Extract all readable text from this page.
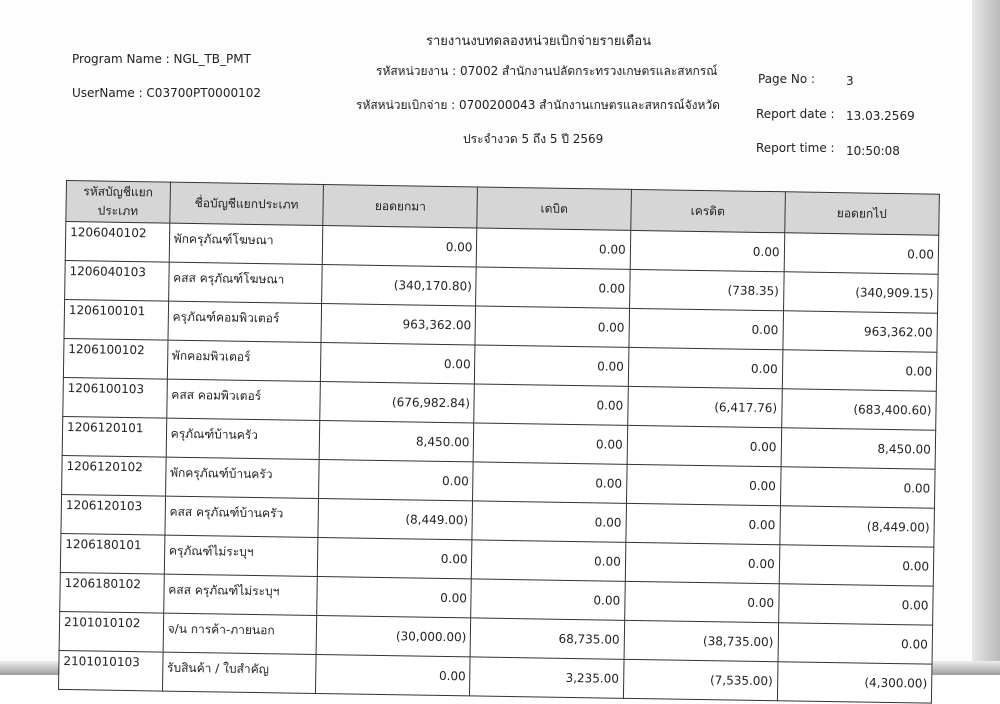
รายงานงบทดลองหน่วยเบิกจ่ายรายเดือน
รหัสหน่วยงาน : 07002 สำนักงานปลัดกระทรวงเกษตรและสหกรณ์
รหัสหน่วยเบิกจ่าย : 0700200043 สำนักงานเกษตรและสหกรณ์จังหวัด
ประจำงวด 5 ถึง 5 ปี 2569
Program Name : NGL_TB_PMT
UserName : C03700PT0000102
Page No :	3
Report date : 13.03.2569
Report time : 10:50:08
รหัสบัญชีแยกประเภท	ชื่อบัญชีแยกประเภท	ยอดยกมา	เดบิต	เครดิต	ยอดยกไป
1206040102	พักครุภัณฑ์โฆษณา	0.00	0.00	0.00	0.00
1206040103	คสส ครุภัณฑ์โฆษณา	(340,170.80)	0.00	(738.35)	(340,909.15)
1206100101	ครุภัณฑ์คอมพิวเตอร์	963,362.00	0.00	0.00	963,362.00
1206100102	พักคอมพิวเตอร์	0.00	0.00	0.00	0.00
1206100103	คสส คอมพิวเตอร์	(676,982.84)	0.00	(6,417.76)	(683,400.60)
1206120101	ครุภัณฑ์บ้านครัว	8,450.00	0.00	0.00	8,450.00
1206120102	พักครุภัณฑ์บ้านครัว	0.00	0.00	0.00	0.00
1206120103	คสส ครุภัณฑ์บ้านครัว	(8,449.00)	0.00	0.00	(8,449.00)
1206180101	ครุภัณฑ์ไม่ระบุฯ	0.00	0.00	0.00	0.00
1206180102	คสส ครุภัณฑ์ไม่ระบุฯ	0.00	0.00	0.00	0.00
2101010102	จ/น การค้า-ภายนอก	(30,000.00)	68,735.00	(38,735.00)	0.00
2101010103	รับสินค้า / ใบสำคัญ	0.00	3,235.00	(7,535.00)	(4,300.00)
